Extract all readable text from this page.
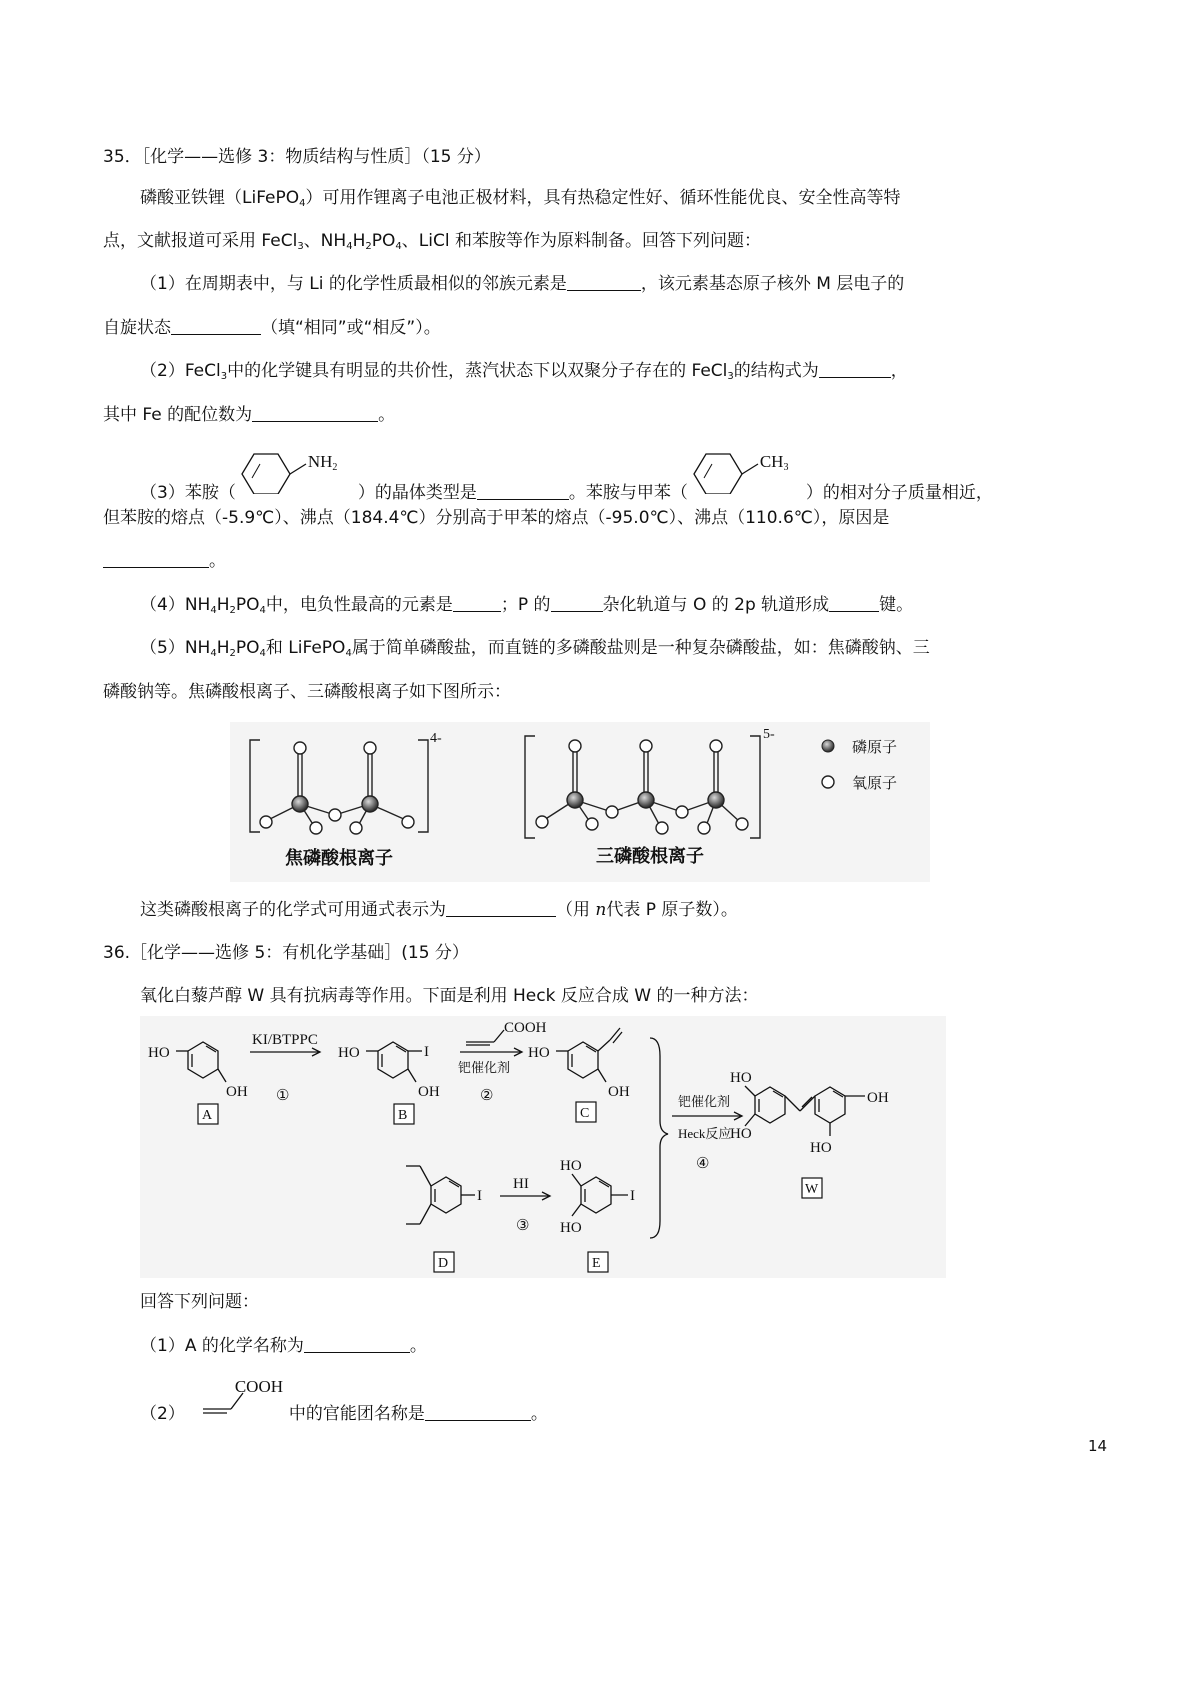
35．［化学——选修 3：物质结构与性质］（15 分）
磷酸亚铁锂（LiFePO$_4$）可用作锂离子电池正极材料，具有热稳定性好、循环性能优良、安全性高等特
点，文献报道可采用 FeCl$_3$、$NH_4H_2PO_4$、LiCl 和苯胺等作为原料制备。回答下列问题：
（1）在周期表中，与 Li 的化学性质最相似的邻族元素是	，该元素基态原子核外 M 层电子的
自旋状态	（填“相同”或“相反”）。
（2）FeCl$_3$中的化学键具有明显的共价性，蒸汽状态下以双聚分子存在的 FeCl$_3$的结构式为	，
其中 Fe 的配位数为	。
（3）苯胺（
$NH_2$
）的晶体类型是	。苯胺与甲苯（
$CH_3$
）的相对分子质量相近，
但苯胺的熔点（-5.9℃）、沸点（184.4℃）分别高于甲苯的熔点（-95.0℃）、沸点（110.6℃），原因是
。
$(4)NH_4H_2PO_4$中，电负性最高的元素是	；P 的	杂化轨道与 O 的 2p 轨道形成	键。
$(5)NH_4H_2PO_4$和 LiFePO$_4$属于简单磷酸盐，而直链的多磷酸盐则是一种复杂磷酸盐，如：焦磷酸钠、三
磷酸钠等。焦磷酸根离子、三磷酸根离子如下图所示：
4-	5-
磷原子
氧原子
焦磷酸根离子	三磷酸根离子
这类磷酸根离子的化学式可用通式表示为	（用 n代表 P 原子数）。
36.［化学——选修 5：有机化学基础］(15 分）
氧化白藜芦醇 W 具有抗病毒等作用。下面是利用 Heck 反应合成 W 的一种方法：
HO
OH
KI/BTPPC
①
HO	I
OH
COOH
钯催化剂
②
HO
OH
钯催化剂
Heck反应
④
HO
HO
OH
HO
I
HI
③
HO
HO
I
A	B	C
D	E
W
回答下列问题：
（1）A 的化学名称为	。
（2）
COOH
中的官能团名称是	。
14
